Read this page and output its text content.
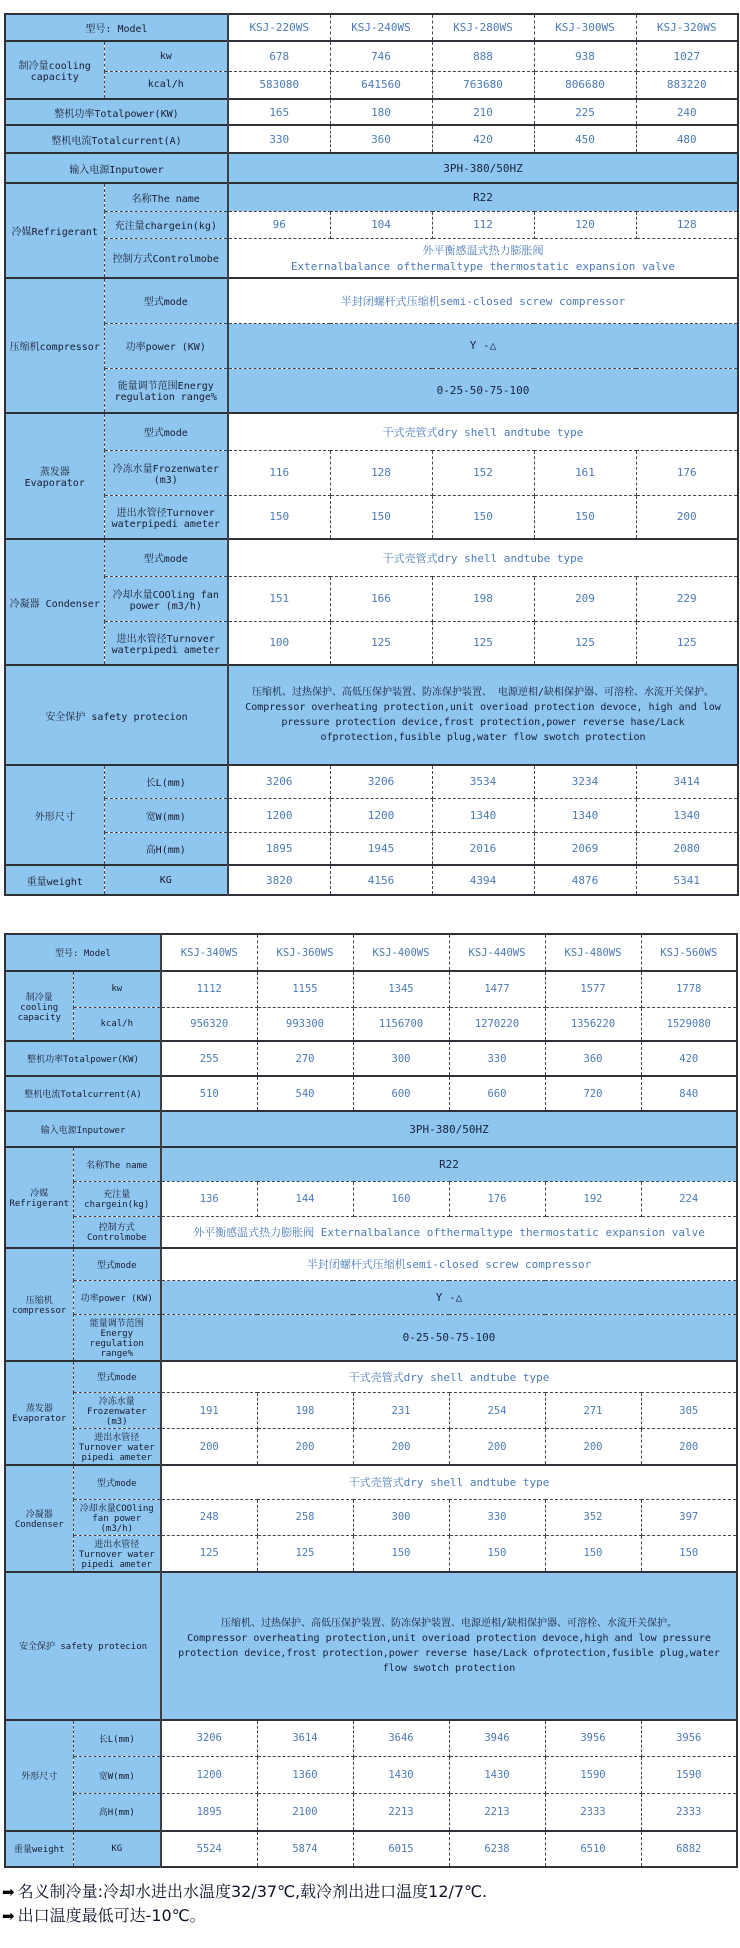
型号: Model		KSJ-220WS	KSJ-240WS	KSJ-280WS	KSJ-300WS	KSJ-320WS
制冷量cooling capacity	kw	678	746	888	938	1027
	kcal/h	583080	641560	763680	806680	883220
整机功率Totalpower(KW)		165	180	210	225	240
整机电流Totalcurrent(A)		330	360	420	450	480
输入电源Inputower		3PH-380/50HZ				
冷媒Refrigerant	名称The name	R22				
	充注量chargein(kg)	96	104	112	120	128
	控制方式Controlmobe	外平衡感温式热力膨胀阀
Externalbalance ofthermaltype thermostatic expansion valve				

压缩机compressor	型式mode	半封闭螺杆式压缩机semi-closed screw compressor				
	功率power (KW)	Y -△				
	能量调节范围Energy regulation range%	0-25-50-75-100				
蒸发器 Evaporator	型式mode	干式壳管式dry shell andtube type				
	冷冻水量Frozenwater (m3)	116	128	152	161	176
	进出水管径Turnover waterpipedi ameter	150	150	150	150	200
冷凝器 Condenser	型式mode	干式壳管式dry shell andtube type				
	冷却水量COOling fan power (m3/h)	151	166	198	209	229
	进出水管径Turnover waterpipedi ameter	100	125	125	125	125
安全保护 safety protecion		压缩机、过热保护、高低压保护装置、防冻保护装置、 电源逆相/缺相保护器、可溶栓、水流开关保护。
Compressor overheating protection,unit overioad protection devoce, high and low pressure protection device,frost protection,power reverse hase/Lack ofprotection,fusible plug,water flow swotch protection				

外形尺寸	长L(mm)	3206	3206	3534	3234	3414
	宽W(mm)	1200	1200	1340	1340	1340
	高H(mm)	1895	1945	2016	2069	2080
重量weight	KG	3820	4156	4394	4876	5341
型号: Model		KSJ-340WS	KSJ-360WS	KSJ-400WS	KSJ-440WS	KSJ-480WS	KSJ-560WS
制冷量cooling capacity	kw	1112	1155	1345	1477	1577	1778
	kcal/h	956320	993300	1156700	1270220	1356220	1529080
整机功率Totalpower(KW)		255	270	300	330	360	420
整机电流Totalcurrent(A)		510	540	600	660	720	840
输入电源Inputower		3PH-380/50HZ					
冷媒Refrigerant	名称The name	R22					
	充注量chargein(kg)	136	144	160	176	192	224
	控制方式Controlmobe	外平衡感温式热力膨胀阀 Externalbalance ofthermaltype thermostatic expansion valve					
压缩机compressor	型式mode	半封闭螺杆式压缩机semi-closed screw compressor					
	功率power (KW)	Y -△					
	能量调节范围Energy regulation range%	0-25-50-75-100					
蒸发器 Evaporator	型式mode	干式壳管式dry shell andtube type					
	冷冻水量Frozenwater (m3)	191	198	231	254	271	305
	进出水管径Turnover water pipedi ameter	200	200	200	200	200	200
冷凝器 Condenser	型式mode	干式壳管式dry shell andtube type					
	冷却水量COOling fan power (m3/h)	248	258	300	330	352	397
	进出水管径Turnover water pipedi ameter	125	125	150	150	150	150
安全保护 safety protecion		压缩机、过热保护、高低压保护装置、防冻保护装置、电源逆相/缺相保护器、可溶栓、水流开关保护。
Compressor overheating protection,unit overioad protection devoce,high and low pressure protection device,frost protection,power reverse hase/Lack ofprotection,fusible plug,water flow swotch protection					

外形尺寸	长L(mm)	3206	3614	3646	3946	3956	3956
	宽W(mm)	1200	1360	1430	1430	1590	1590
	高H(mm)	1895	2100	2213	2213	2333	2333
重量weight	KG	5524	5874	6015	6238	6510	6882
➡ 名义制冷量:冷却水进出水温度32/37℃,载冷剂出进口温度12/7℃.
➡ 出口温度最低可达-10℃。
